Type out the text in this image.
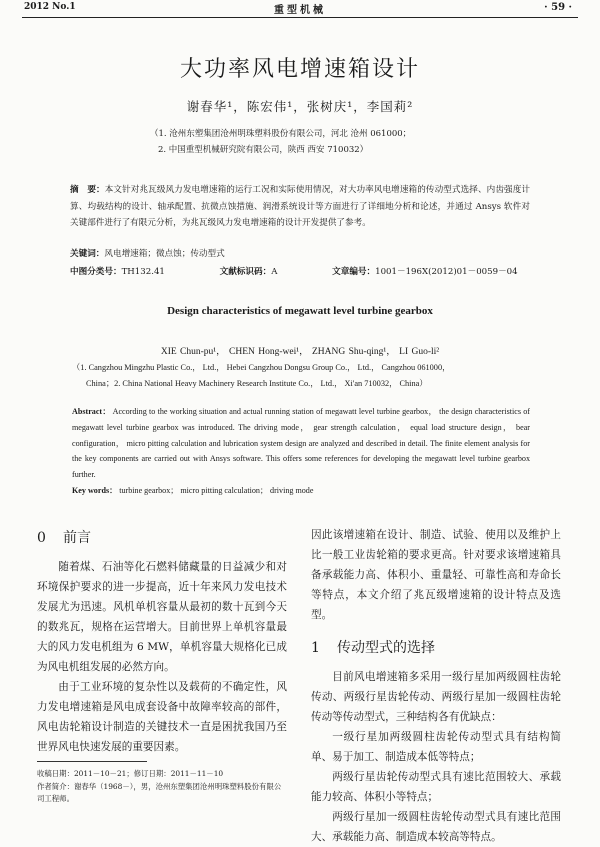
2012 No.1	重型机械	· 59 ·
大功率风电增速箱设计
谢春华¹，陈宏伟¹，张树庆¹，李国莉²
（1. 沧州东塑集团沧州明珠塑料股份有限公司，河北 沧州 061000；
2. 中国重型机械研究院有限公司，陕西 西安 710032）
摘　要：本文针对兆瓦级风力发电增速箱的运行工况和实际使用情况，对大功率风电增速箱的传动型式选择、内齿强度计算、均载结构的设计、轴承配置、抗微点蚀措施、润滑系统设计等方面进行了详细地分析和论述，并通过 Ansys 软件对关键部件进行了有限元分析，为兆瓦级风力发电增速箱的设计开发提供了参考。
关键词：风电增速箱；微点蚀；传动型式
中图分类号：TH132.41	文献标识码：A	文章编号：1001－196X(2012)01－0059－04
Design characteristics of megawatt level turbine gearbox
XIE Chun-pu¹， CHEN Hong-wei¹， ZHANG Shu-qing¹， LI Guo-li²
（1. Cangzhou Mingzhu Plastic Co.， Ltd.， Hebei Cangzhou Dongsu Group Co.， Ltd.， Cangzhou 061000，
China；2. China National Heavy Machinery Research Institute Co.， Ltd.， Xi'an 710032， China）
Abstract： According to the working situation and actual running station of megawatt level turbine gearbox， the design characteristics of megawatt level turbine gearbox was introduced. The driving mode， gear strength calculation， equal load structure design， bear configuration， micro pitting calculation and lubrication system design are analyzed and described in detail. The finite element analysis for the key components are carried out with Ansys software. This offers some references for developing the megawatt level turbine gearbox further.
Key words： turbine gearbox； micro pitting calculation； driving mode
0 前言
随着煤、石油等化石燃料储藏量的日益减少和对环境保护要求的进一步提高，近十年来风力发电技术发展尤为迅速。风机单机容量从最初的数十瓦到今天的数兆瓦，规格在运营增大。目前世界上单机容量最大的风力发电机组为 6 MW，单机容量大规格化已成为风电机组发展的必然方向。
由于工业环境的复杂性以及载荷的不确定性，风力发电增速箱是风电成套设备中故障率较高的部件，风电齿轮箱设计制造的关键技术一直是困扰我国乃至世界风电快速发展的重要因素。
收稿日期：2011－10－21；修订日期：2011－11－10
作者简介：谢春华（1968－），男，沧州东塑集团沧州明珠塑料股份有限公司工程师。
因此该增速箱在设计、制造、试验、使用以及维护上比一般工业齿轮箱的要求更高。针对要求该增速箱具备承载能力高、体积小、重量轻、可靠性高和寿命长等特点，本文介绍了兆瓦级增速箱的设计特点及选型。
1 传动型式的选择
目前风电增速箱多采用一级行星加两级圆柱齿轮传动、两级行星齿轮传动、两级行星加一级圆柱齿轮传动等传动型式，三种结构各有优缺点：
一级行星加两级圆柱齿轮传动型式具有结构简单、易于加工、制造成本低等特点；
两级行星齿轮传动型式具有速比范围较大、承载能力较高、体积小等特点；
两级行星加一级圆柱齿轮传动型式具有速比范围大、承载能力高、制造成本较高等特点。
